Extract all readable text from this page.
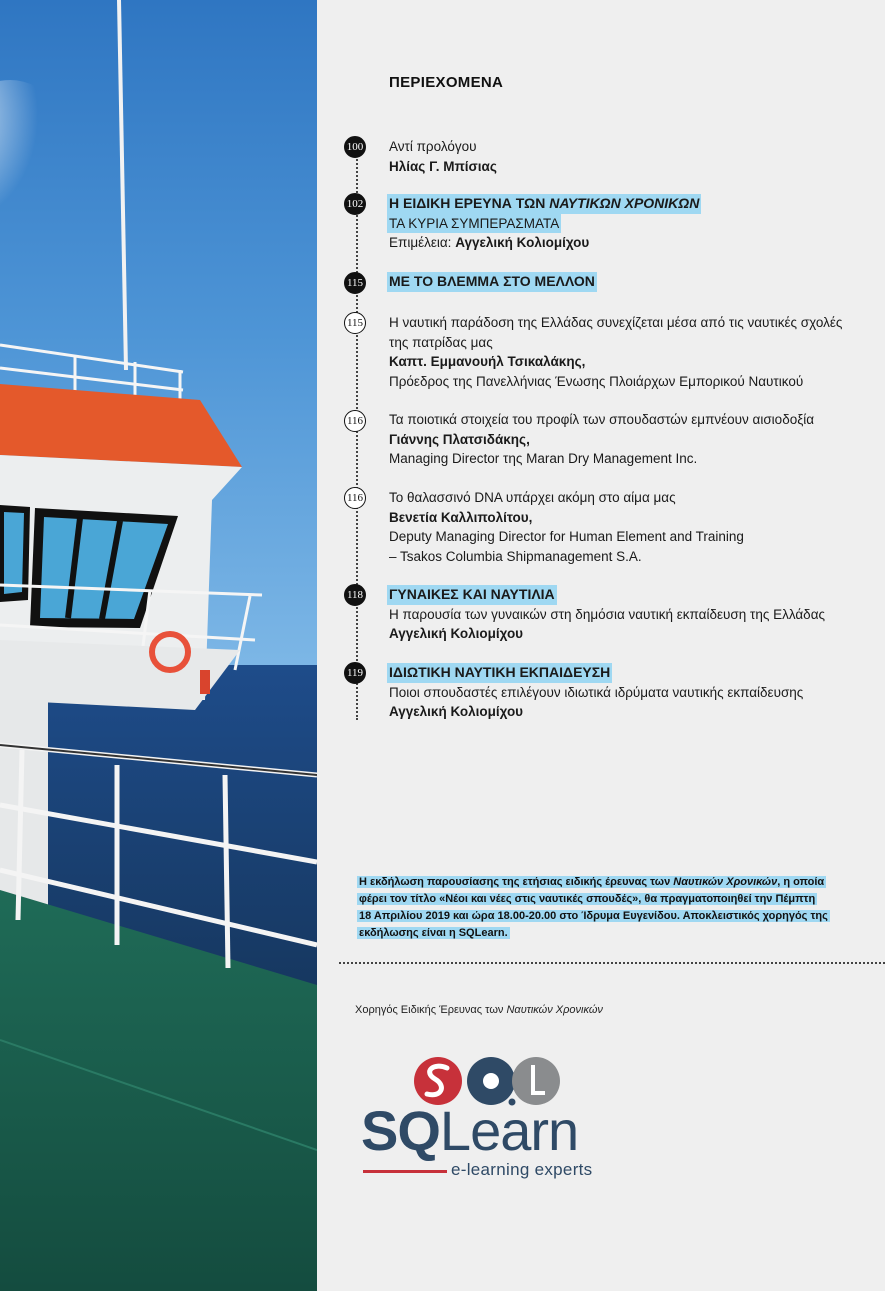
ΠΕΡΙΕΧΟΜΕΝΑ
100 Αντί προλόγου
Ηλίας Γ. Μπίσιας
102 Η ΕΙΔΙΚΗ ΕΡΕΥΝΑ ΤΩΝ ΝΑΥΤΙΚΩΝ ΧΡΟΝΙΚΩΝ
ΤΑ ΚΥΡΙΑ ΣΥΜΠΕΡΑΣΜΑΤΑ
Επιμέλεια: Αγγελική Κολιομίχου
115 ΜΕ ΤΟ ΒΛΕΜΜΑ ΣΤΟ ΜΕΛΛΟΝ
115 Η ναυτική παράδοση της Ελλάδας συνεχίζεται μέσα από τις ναυτικές σχολές
της πατρίδας μας
Καπτ. Εμμανουήλ Τσικαλάκης,
Πρόεδρος της Πανελλήνιας Ένωσης Πλοιάρχων Εμπορικού Ναυτικού
116 Τα ποιοτικά στοιχεία του προφίλ των σπουδαστών εμπνέουν αισιοδοξία
Γιάννης Πλατσιδάκης,
Managing Director της Maran Dry Management Inc.
116 Το θαλασσινό DNA υπάρχει ακόμη στο αίμα μας
Βενετία Καλλιπολίτου,
Deputy Managing Director for Human Element and Training
– Tsakos Columbia Shipmanagement S.A.
118 ΓΥΝΑΙΚΕΣ ΚΑΙ ΝΑΥΤΙΛΙΑ
Η παρουσία των γυναικών στη δημόσια ναυτική εκπαίδευση της Ελλάδας
Αγγελική Κολιομίχου
119 ΙΔΙΩΤΙΚΗ ΝΑΥΤΙΚΗ ΕΚΠΑΙΔΕΥΣΗ
Ποιοι σπουδαστές επιλέγουν ιδιωτικά ιδρύματα ναυτικής εκπαίδευσης
Αγγελική Κολιομίχου
Η εκδήλωση παρουσίασης της ετήσιας ειδικής έρευνας των Ναυτικών Χρονικών, η οποία
φέρει τον τίτλο «Νέοι και νέες στις ναυτικές σπουδές», θα πραγματοποιηθεί την Πέμπτη
18 Απριλίου 2019 και ώρα 18.00-20.00 στο Ίδρυμα Ευγενίδου. Αποκλειστικός χορηγός της
εκδήλωσης είναι η SQLearn.
Χορηγός Ειδικής Έρευνας των Ναυτικών Χρονικών
SQLearn
e-learning experts
